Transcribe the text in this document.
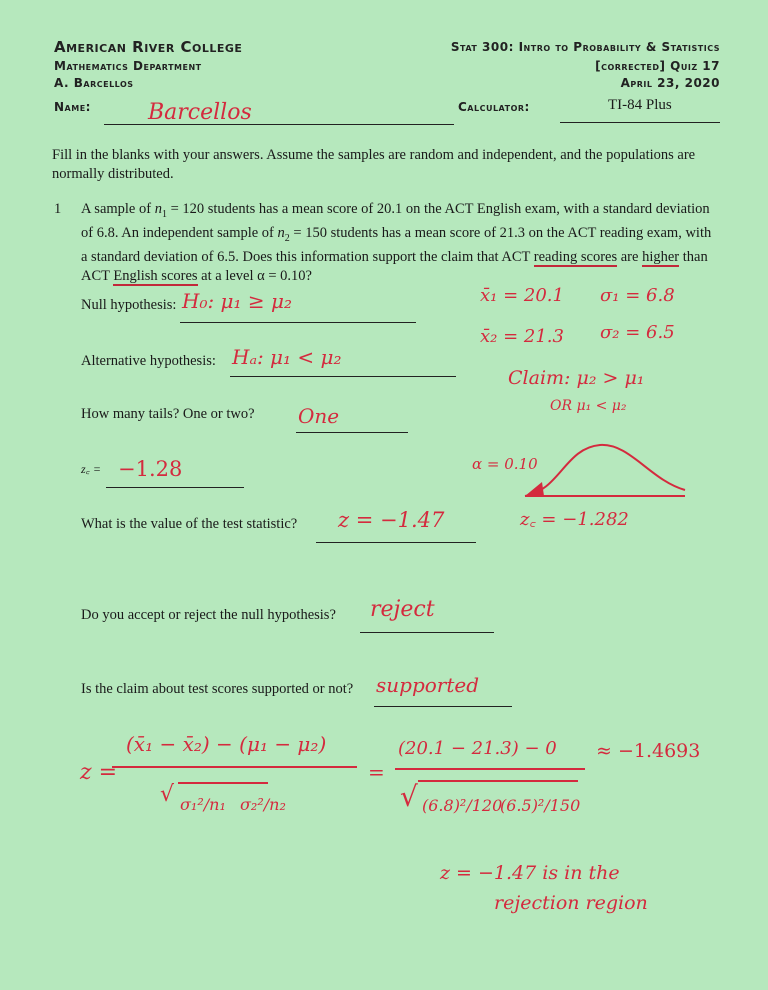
American River College
Mathematics Department
A. Barcellos
Stat 300: Intro to Probability & Statistics
[corrected] Quiz 17
April 23, 2020
Name:	Barcellos	Calculator:	TI-84 Plus
Fill in the blanks with your answers. Assume the samples are random and independent, and the populations are normally distributed.
1 A sample of $n_1 = 120$ students has a mean score of 20.1 on the ACT English exam, with a standard deviation of 6.8. An independent sample of $n_2 = 150$ students has a mean score of 21.3 on the ACT reading exam, with a standard deviation of 6.5. Does this information support the claim that ACT reading scores are higher than ACT English scores at a level α = 0.10?
Null hypothesis: H₀: μ₁ ≥ μ₂
Alternative hypothesis: Hₐ: μ₁ < μ₂
How many tails? One or two? One
z꜀ = −1.28
What is the value of the test statistic? z = −1.47
Do you accept or reject the null hypothesis? reject
Is the claim about test scores supported or not? supported
x̄₁ = 20.1 σ₁ = 6.8
x̄₂ = 21.3 σ₂ = 6.5
Claim: μ₂ > μ₁
OR μ₁ < μ₂
α = 0.10
z꜀ = −1.282
z =
(x̄₁ − x̄₂) − (μ₁ − μ₂)
√ σ₁²/n₁ σ₂²/n₂
=
(20.1 − 21.3) − 0
√ (6.8)²/120
(6.5)²/150
≈ −1.4693
z = −1.47 is in the
rejection region
